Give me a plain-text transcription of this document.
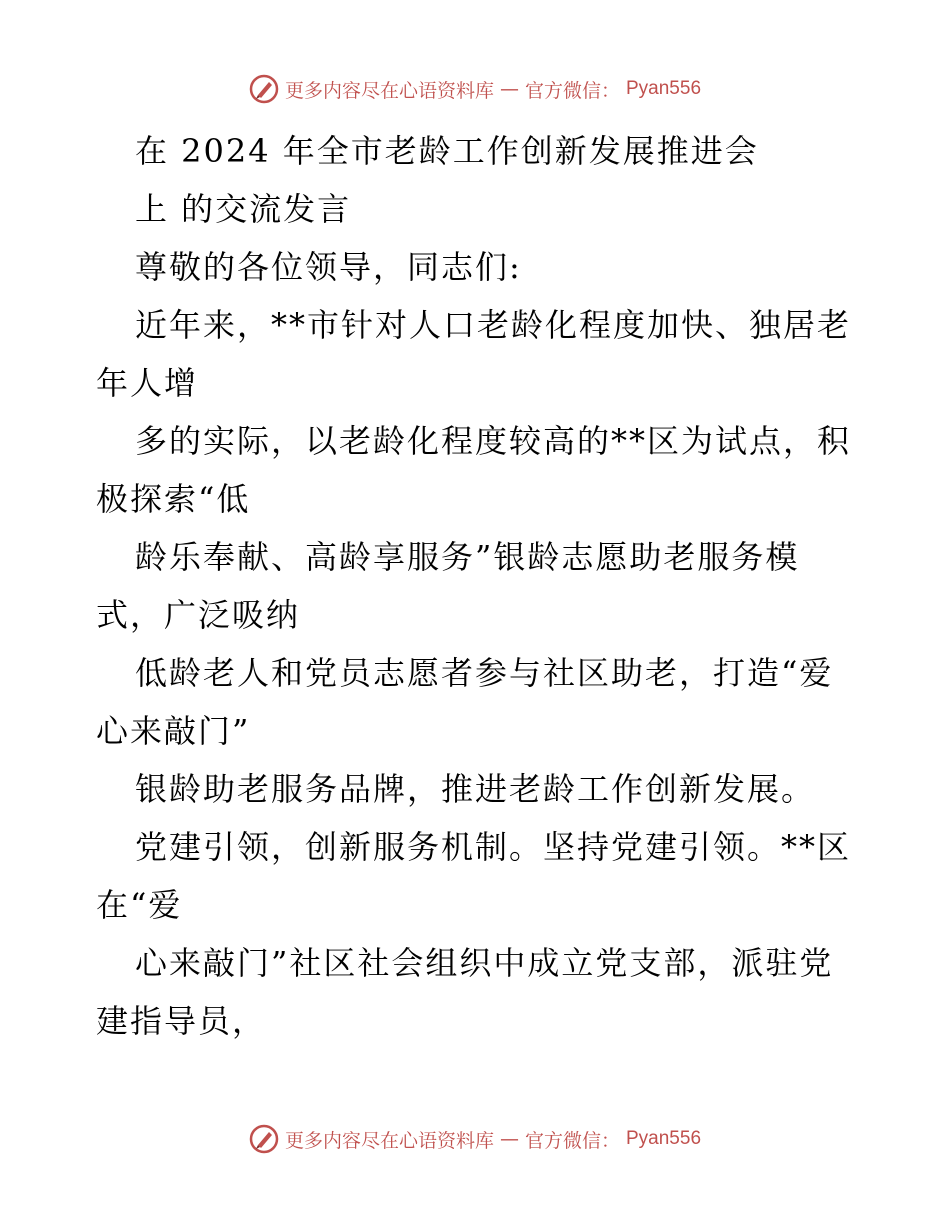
更多内容尽在心语资料库 — 官方微信： Pyan556
在 2024 年全市老龄工作创新发展推进会
上 的交流发言
尊敬的各位领导，同志们:
近年来，**市针对人口老龄化程度加快、独居老
年人增
多的实际，以老龄化程度较高的**区为试点，积
极探索“低
龄乐奉献、高龄享服务”银龄志愿助老服务模
式，广泛吸纳
低龄老人和党员志愿者参与社区助老，打造“爱
心来敲门”
银龄助老服务品牌，推进老龄工作创新发展。
党建引领，创新服务机制。坚持党建引领。**区
在“爱
心来敲门”社区社会组织中成立党支部，派驻党
建指导员，
更多内容尽在心语资料库 — 官方微信： Pyan556
